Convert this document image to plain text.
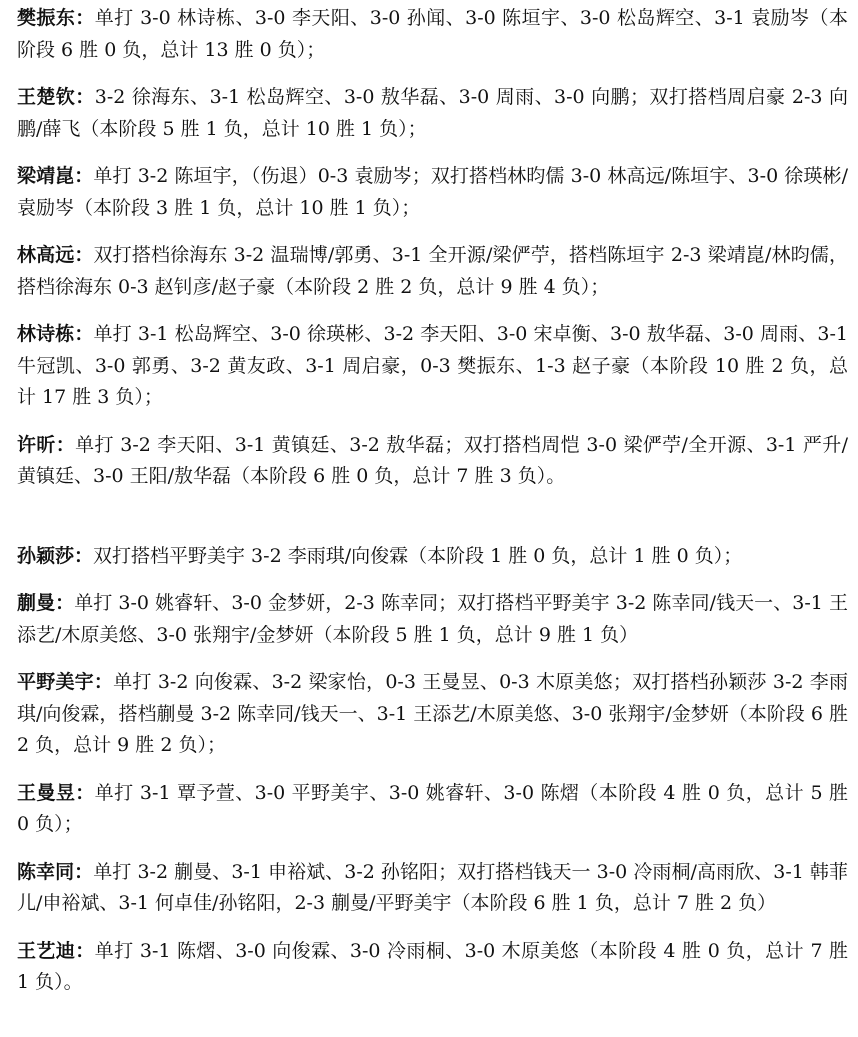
樊振东：单打 3-0 林诗栋、3-0 李天阳、3-0 孙闻、3-0 陈垣宇、3-0 松岛辉空、3-1 袁励岑（本阶段 6 胜 0 负，总计 13 胜 0 负）；

王楚钦：3-2 徐海东、3-1 松岛辉空、3-0 敖华磊、3-0 周雨、3-0 向鹏；双打搭档周启豪 2-3 向鹏/薛飞（本阶段 5 胜 1 负，总计 10 胜 1 负）；

梁靖崑：单打 3-2 陈垣宇，（伤退）0-3 袁励岑；双打搭档林昀儒 3-0 林高远/陈垣宇、3-0 徐瑛彬/袁励岑（本阶段 3 胜 1 负，总计 10 胜 1 负）；

林高远：双打搭档徐海东 3-2 温瑞博/郭勇、3-1 全开源/梁俨苧，搭档陈垣宇 2-3 梁靖崑/林昀儒，搭档徐海东 0-3 赵钊彦/赵子豪（本阶段 2 胜 2 负，总计 9 胜 4 负）；

林诗栋：单打 3-1 松岛辉空、3-0 徐瑛彬、3-2 李天阳、3-0 宋卓衡、3-0 敖华磊、3-0 周雨、3-1 牛冠凯、3-0 郭勇、3-2 黄友政、3-1 周启豪，0-3 樊振东、1-3 赵子豪（本阶段 10 胜 2 负，总计 17 胜 3 负）；

许昕：单打 3-2 李天阳、3-1 黄镇廷、3-2 敖华磊；双打搭档周恺 3-0 梁俨苧/全开源、3-1 严升/黄镇廷、3-0 王阳/敖华磊（本阶段 6 胜 0 负，总计 7 胜 3 负）。

孙颖莎：双打搭档平野美宇 3-2 李雨琪/向俊霖（本阶段 1 胜 0 负，总计 1 胜 0 负）；

蒯曼：单打 3-0 姚睿轩、3-0 金梦妍，2-3 陈幸同；双打搭档平野美宇 3-2 陈幸同/钱天一、3-1 王添艺/木原美悠、3-0 张翔宇/金梦妍（本阶段 5 胜 1 负，总计 9 胜 1 负）

平野美宇：单打 3-2 向俊霖、3-2 梁家怡，0-3 王曼昱、0-3 木原美悠；双打搭档孙颖莎 3-2 李雨琪/向俊霖，搭档蒯曼 3-2 陈幸同/钱天一、3-1 王添艺/木原美悠、3-0 张翔宇/金梦妍（本阶段 6 胜 2 负，总计 9 胜 2 负）；

王曼昱：单打 3-1 覃予萱、3-0 平野美宇、3-0 姚睿轩、3-0 陈熠（本阶段 4 胜 0 负，总计 5 胜 0 负）；

陈幸同：单打 3-2 蒯曼、3-1 申裕斌、3-2 孙铭阳；双打搭档钱天一 3-0 冷雨桐/高雨欣、3-1 韩菲儿/申裕斌、3-1 何卓佳/孙铭阳，2-3 蒯曼/平野美宇（本阶段 6 胜 1 负，总计 7 胜 2 负）

王艺迪：单打 3-1 陈熠、3-0 向俊霖、3-0 冷雨桐、3-0 木原美悠（本阶段 4 胜 0 负，总计 7 胜 1 负）。
